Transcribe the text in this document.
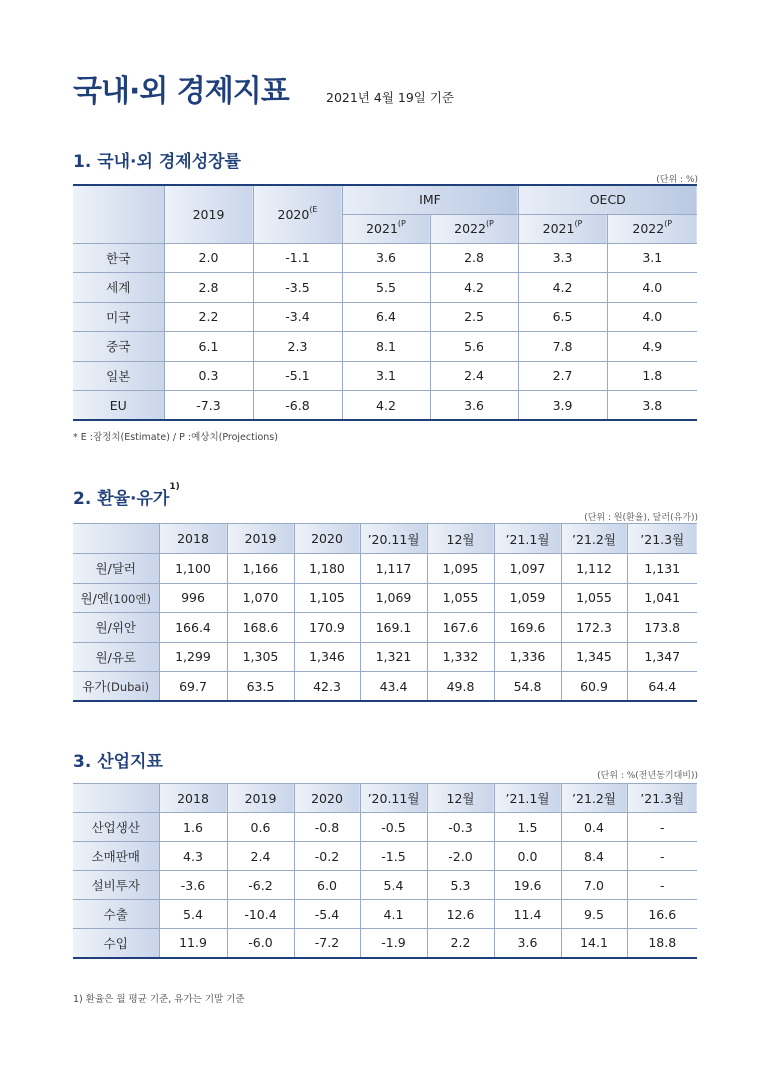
국내·외 경제지표	2021년 4월 19일 기준
1. 국내·외 경제성장률
(단위 : %)
	2019	$2020^{(E}$	IMF		OECD	
			$2021^{(P}$	$2022^{(P}$	$2021^{(P}$	$2022^{(P}$
한국	2.0	-1.1	3.6	2.8	3.3	3.1
세계	2.8	-3.5	5.5	4.2	4.2	4.0
미국	2.2	-3.4	6.4	2.5	6.5	4.0
중국	6.1	2.3	8.1	5.6	7.8	4.9
일본	0.3	-5.1	3.1	2.4	2.7	1.8
EU	-7.3	-6.8	4.2	3.6	3.9	3.8
* E :잠정치(Estimate) / P :예상치(Projections)
2. 환율·유가$^{1)}$
(단위 : 원(환율), 달러(유가))
	2018	2019	2020	’20.11월	12월	’21.1월	’21.2월	’21.3월
원/달러	1,100	1,166	1,180	1,117	1,095	1,097	1,112	1,131
원/엔(100엔)	996	1,070	1,105	1,069	1,055	1,059	1,055	1,041
원/위안	166.4	168.6	170.9	169.1	167.6	169.6	172.3	173.8
원/유로	1,299	1,305	1,346	1,321	1,332	1,336	1,345	1,347
유가(Dubai)	69.7	63.5	42.3	43.4	49.8	54.8	60.9	64.4
3. 산업지표
(단위 : %(전년동기대비))
	2018	2019	2020	’20.11월	12월	’21.1월	’21.2월	’21.3월
산업생산	1.6	0.6	-0.8	-0.5	-0.3	1.5	0.4	-
소매판매	4.3	2.4	-0.2	-1.5	-2.0	0.0	8.4	-
설비투자	-3.6	-6.2	6.0	5.4	5.3	19.6	7.0	-
수출	5.4	-10.4	-5.4	4.1	12.6	11.4	9.5	16.6
수입	11.9	-6.0	-7.2	-1.9	2.2	3.6	14.1	18.8
1) 환율은 월 평균 기준, 유가는 기말 기준
